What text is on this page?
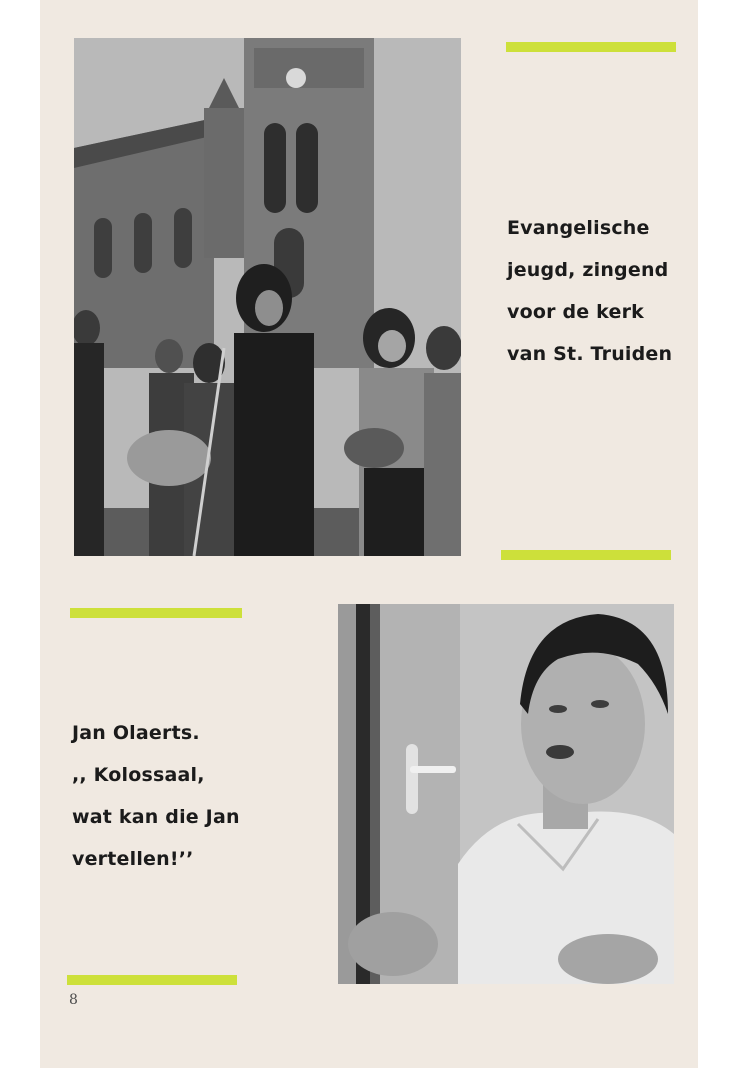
Evangelische
jeugd, zingend
voor de kerk
van St. Truiden
Jan Olaerts.
,, Kolossaal,
wat kan die Jan
vertellen!’’
8
